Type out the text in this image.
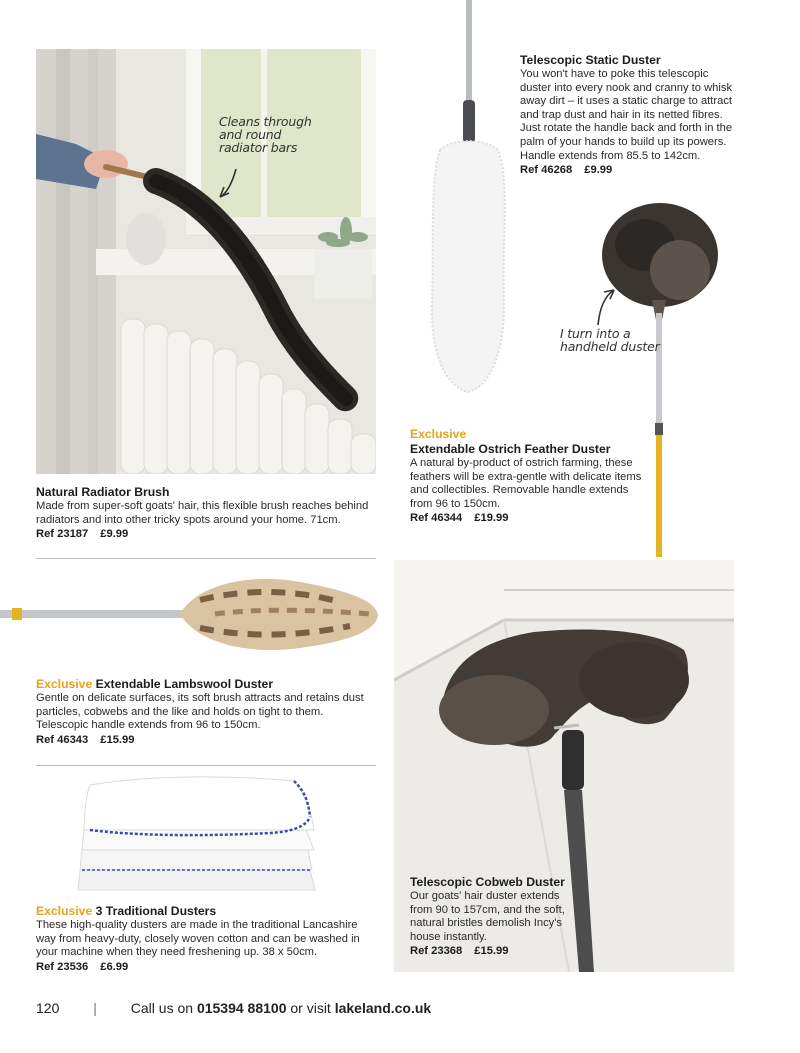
Cleans through
and round
radiator bars
I turn into a
handheld duster
Telescopic Static Duster
You won't have to poke this telescopic duster into every nook and cranny to whisk away dirt – it uses a static charge to attract and trap dust and hair in its netted fibres. Just rotate the handle back and forth in the palm of your hands to build up its powers. Handle extends from 85.5 to 142cm.
Ref 46268 £9.99
Natural Radiator Brush
Made from super-soft goats' hair, this flexible brush reaches behind radiators and into other tricky spots around your home. 71cm.
Ref 23187 £9.99
Exclusive
Extendable Ostrich Feather Duster
A natural by-product of ostrich farming, these feathers will be extra-gentle with delicate items and collectibles. Removable handle extends from 96 to 150cm.
Ref 46344 £19.99
Exclusive Extendable Lambswool Duster
Gentle on delicate surfaces, its soft brush attracts and retains dust particles, cobwebs and the like and holds on tight to them. Telescopic handle extends from 96 to 150cm.
Ref 46343 £15.99
Exclusive 3 Traditional Dusters
These high-quality dusters are made in the traditional Lancashire way from heavy-duty, closely woven cotton and can be washed in your machine when they need freshening up. 38 x 50cm.
Ref 23536 £6.99
Telescopic Cobweb Duster
Our goats' hair duster extends from 90 to 157cm, and the soft, natural bristles demolish Incy's house instantly.
Ref 23368 £15.99
120 | Call us on 015394 88100 or visit lakeland.co.uk
